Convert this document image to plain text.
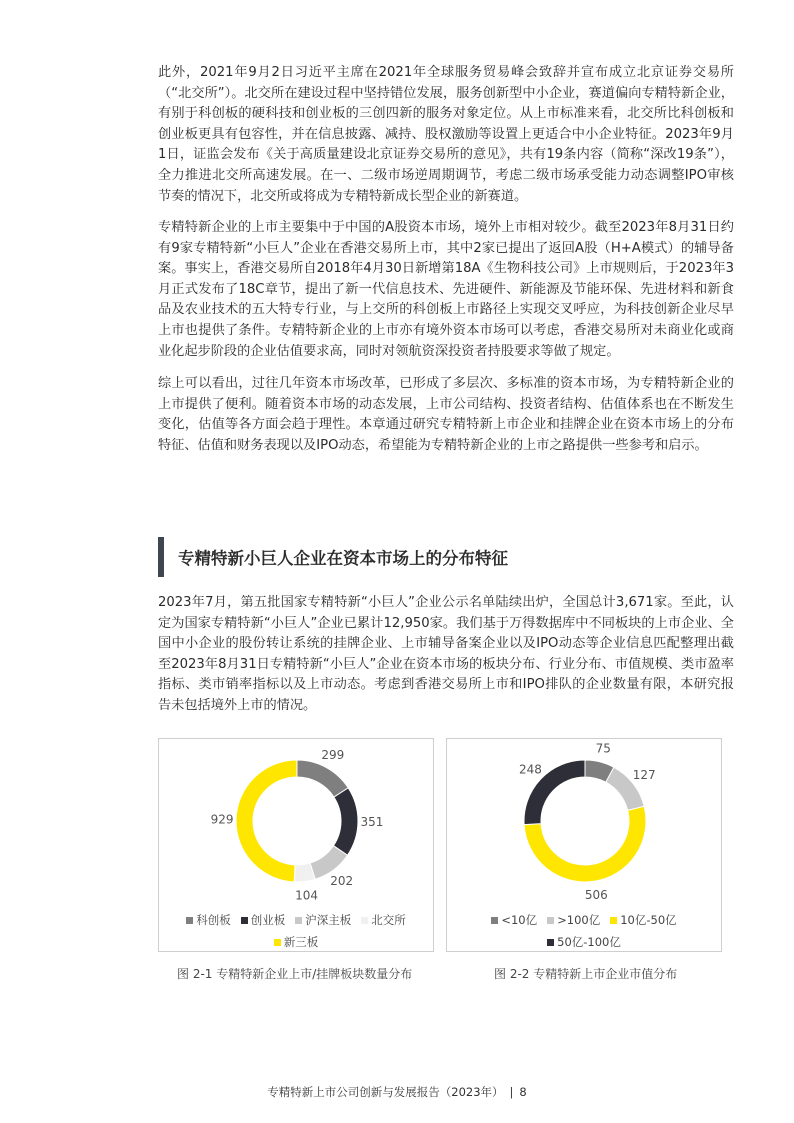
此外，2021年9月2日习近平主席在2021年全球服务贸易峰会致辞并宣布成立北京证券交易所（“北交所”）。北交所在建设过程中坚持错位发展，服务创新型中小企业，赛道偏向专精特新企业，有别于科创板的硬科技和创业板的三创四新的服务对象定位。从上市标准来看，北交所比科创板和创业板更具有包容性，并在信息披露、减持、股权激励等设置上更适合中小企业特征。2023年9月1日，证监会发布《关于高质量建设北京证券交易所的意见》，共有19条内容（简称“深改19条”），全力推进北交所高速发展。在一、二级市场逆周期调节，考虑二级市场承受能力动态调整IPO审核节奏的情况下，北交所或将成为专精特新成长型企业的新赛道。

专精特新企业的上市主要集中于中国的A股资本市场，境外上市相对较少。截至2023年8月31日约有9家专精特新“小巨人”企业在香港交易所上市，其中2家已提出了返回A股（H+A模式）的辅导备案。事实上，香港交易所自2018年4月30日新增第18A《生物科技公司》上市规则后，于2023年3月正式发布了18C章节，提出了新一代信息技术、先进硬件、新能源及节能环保、先进材料和新食品及农业技术的五大特专行业，与上交所的科创板上市路径上实现交叉呼应，为科技创新企业尽早上市也提供了条件。专精特新企业的上市亦有境外资本市场可以考虑，香港交易所对未商业化或商业化起步阶段的企业估值要求高，同时对领航资深投资者持股要求等做了规定。

综上可以看出，过往几年资本市场改革，已形成了多层次、多标准的资本市场，为专精特新企业的上市提供了便利。随着资本市场的动态发展，上市公司结构、投资者结构、估值体系也在不断发生变化，估值等各方面会趋于理性。本章通过研究专精特新上市企业和挂牌企业在资本市场上的分布特征、估值和财务表现以及IPO动态，希望能为专精特新企业的上市之路提供一些参考和启示。

专精特新小巨人企业在资本市场上的分布特征

2023年7月，第五批国家专精特新“小巨人”企业公示名单陆续出炉，全国总计3,671家。至此，认定为国家专精特新“小巨人”企业已累计12,950家。我们基于万得数据库中不同板块的上市企业、全国中小企业的股份转让系统的挂牌企业、上市辅导备案企业以及IPO动态等企业信息匹配整理出截至2023年8月31日专精特新“小巨人”企业在资本市场的板块分布、行业分布、市值规模、类市盈率指标、类市销率指标以及上市动态。考虑到香港交易所上市和IPO排队的企业数量有限，本研究报告未包括境外上市的情况。

299
351
202
104
929
科创板 创业板 沪深主板 北交所
新三板
75
127
506
248
<10亿 >100亿 10亿-50亿
50亿-100亿

图 2-1 专精特新企业上市/挂牌板块数量分布	图 2-2 专精特新上市企业市值分布

专精特新上市公司创新与发展报告（2023年） | 8
